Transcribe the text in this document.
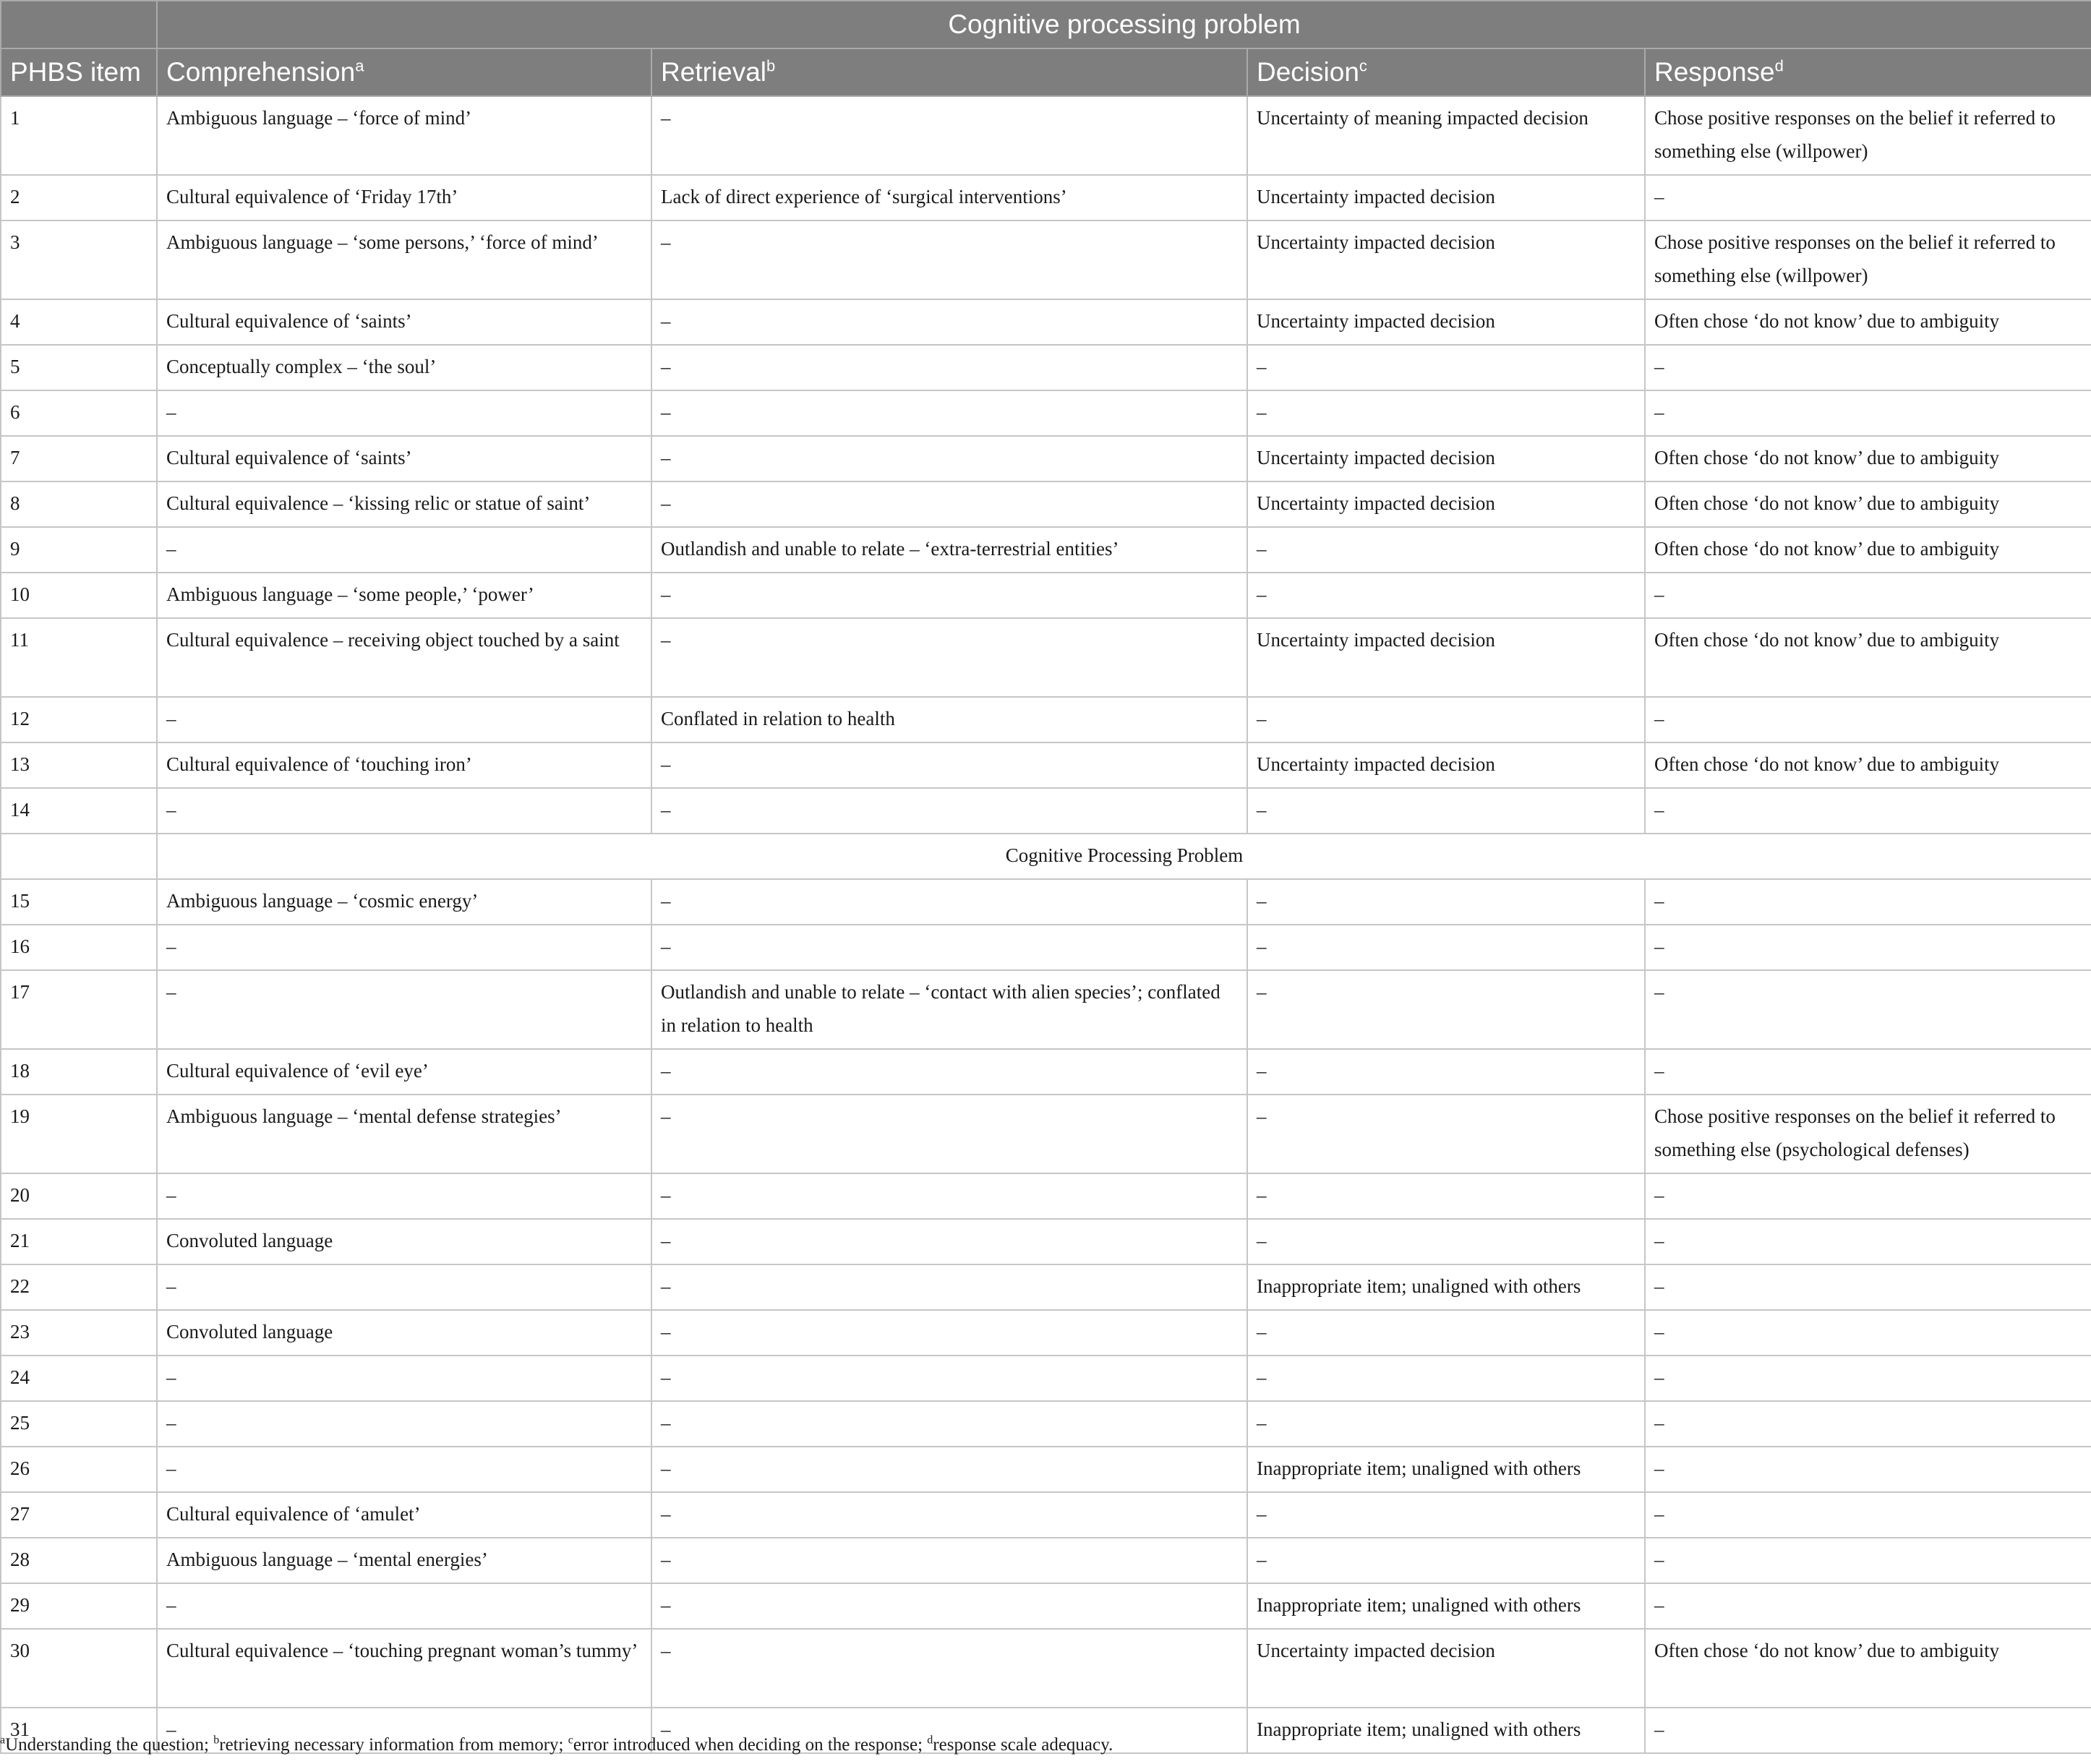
	Cognitive processing problem			
PHBS item	Comprehension$^a$	Retrieval$^b$	Decision$^c$	Response$^d$
1	Ambiguous language – ‘force of mind’	–	Uncertainty of meaning impacted decision	Chose positive responses on the belief it referred to something else (willpower)
2	Cultural equivalence of ‘Friday 17th’	Lack of direct experience of ‘surgical interventions’	Uncertainty impacted decision	–
3	Ambiguous language – ‘some persons,’ ‘force of mind’	–	Uncertainty impacted decision	Chose positive responses on the belief it referred to something else (willpower)
4	Cultural equivalence of ‘saints’	–	Uncertainty impacted decision	Often chose ‘do not know’ due to ambiguity
5	Conceptually complex – ‘the soul’	–	–	–
6	–	–	–	–
7	Cultural equivalence of ‘saints’	–	Uncertainty impacted decision	Often chose ‘do not know’ due to ambiguity
8	Cultural equivalence – ‘kissing relic or statue of saint’	–	Uncertainty impacted decision	Often chose ‘do not know’ due to ambiguity
9	–	Outlandish and unable to relate – ‘extra-terrestrial entities’	–	Often chose ‘do not know’ due to ambiguity
10	Ambiguous language – ‘some people,’ ‘power’	–	–	–
11	Cultural equivalence – receiving object touched by a saint	–	Uncertainty impacted decision	Often chose ‘do not know’ due to ambiguity
12	–	Conflated in relation to health	–	–
13	Cultural equivalence of ‘touching iron’	–	Uncertainty impacted decision	Often chose ‘do not know’ due to ambiguity
14	–	–	–	–
	Cognitive Processing Problem			
15	Ambiguous language – ‘cosmic energy’	–	–	–
16	–	–	–	–
17	–	Outlandish and unable to relate – ‘contact with alien species’; conflated in relation to health	–	–
18	Cultural equivalence of ‘evil eye’	–	–	–
19	Ambiguous language – ‘mental defense strategies’	–	–	Chose positive responses on the belief it referred to something else (psychological defenses)
20	–	–	–	–
21	Convoluted language	–	–	–
22	–	–	Inappropriate item; unaligned with others	–
23	Convoluted language	–	–	–
24	–	–	–	–
25	–	–	–	–
26	–	–	Inappropriate item; unaligned with others	–
27	Cultural equivalence of ‘amulet’	–	–	–
28	Ambiguous language – ‘mental energies’	–	–	–
29	–	–	Inappropriate item; unaligned with others	–
30	Cultural equivalence – ‘touching pregnant woman’s tummy’	–	Uncertainty impacted decision	Often chose ‘do not know’ due to ambiguity
31	–	–	Inappropriate item; unaligned with others	–
$^a$Understanding the question; $^b$retrieving necessary information from memory; $^c$error introduced when deciding on the response; $^d$response scale adequacy.
